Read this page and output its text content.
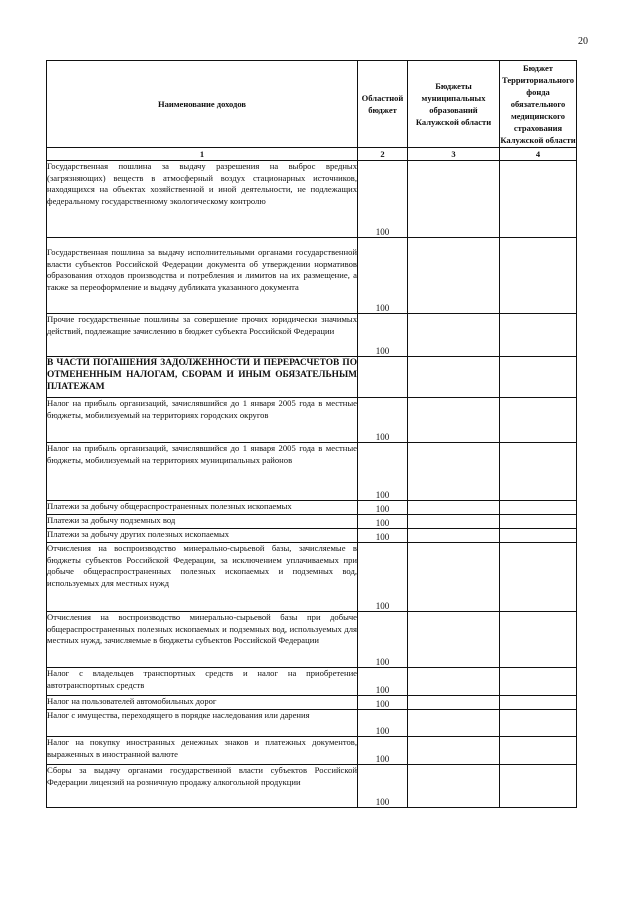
20
Наименование доходов	Областной бюджет	Бюджеты муниципальных образований Калужской области	Бюджет Территориального фонда обязательного медицинского страхования Калужской области
1	2	3	4
Государственная пошлина за выдачу разрешения на выброс вредных (загрязняющих) веществ в атмосферный воздух стационарных источников, находящихся на объектах хозяйственной и иной деятельности, не подлежащих федеральному государственному экологическому контролю	100		
Государственная пошлина за выдачу исполнительными органами государственной власти субъектов Российской Федерации документа об утверждении нормативов образования отходов производства и потребления и лимитов на их размещение, а также за переоформление и выдачу дубликата указанного документа	100		
Прочие государственные пошлины за совершение прочих юридически значимых действий, подлежащие зачислению в бюджет субъекта Российской Федерации	100		
В ЧАСТИ ПОГАШЕНИЯ ЗАДОЛЖЕННОСТИ И ПЕРЕРАСЧЕТОВ ПО ОТМЕНЕННЫМ НАЛОГАМ, СБОРАМ И ИНЫМ ОБЯЗАТЕЛЬНЫМ ПЛАТЕЖАМ			
Налог на прибыль организаций, зачислявшийся до 1 января 2005 года в местные бюджеты, мобилизуемый на территориях городских округов	100		
Налог на прибыль организаций, зачислявшийся до 1 января 2005 года в местные бюджеты, мобилизуемый на территориях муниципальных районов	100		
Платежи за добычу общераспространенных полезных ископаемых	100		
Платежи за добычу подземных вод	100		
Платежи за добычу других полезных ископаемых	100		
Отчисления на воспроизводство минерально-сырьевой базы, зачисляемые в бюджеты субъектов Российской Федерации, за исключением уплачиваемых при добыче общераспространенных полезных ископаемых и подземных вод, используемых для местных нужд	100		
Отчисления на воспроизводство минерально-сырьевой базы при добыче общераспространенных полезных ископаемых и подземных вод, используемых для местных нужд, зачисляемые в бюджеты субъектов Российской Федерации	100		
Налог с владельцев транспортных средств и налог на приобретение автотранспортных средств	100		
Налог на пользователей автомобильных дорог	100		
Налог с имущества, переходящего в порядке наследования или дарения	100		
Налог на покупку иностранных денежных знаков и платежных документов, выраженных в иностранной валюте	100		
Сборы за выдачу органами государственной власти субъектов Российской Федерации лицензий на розничную продажу алкогольной продукции	100		
